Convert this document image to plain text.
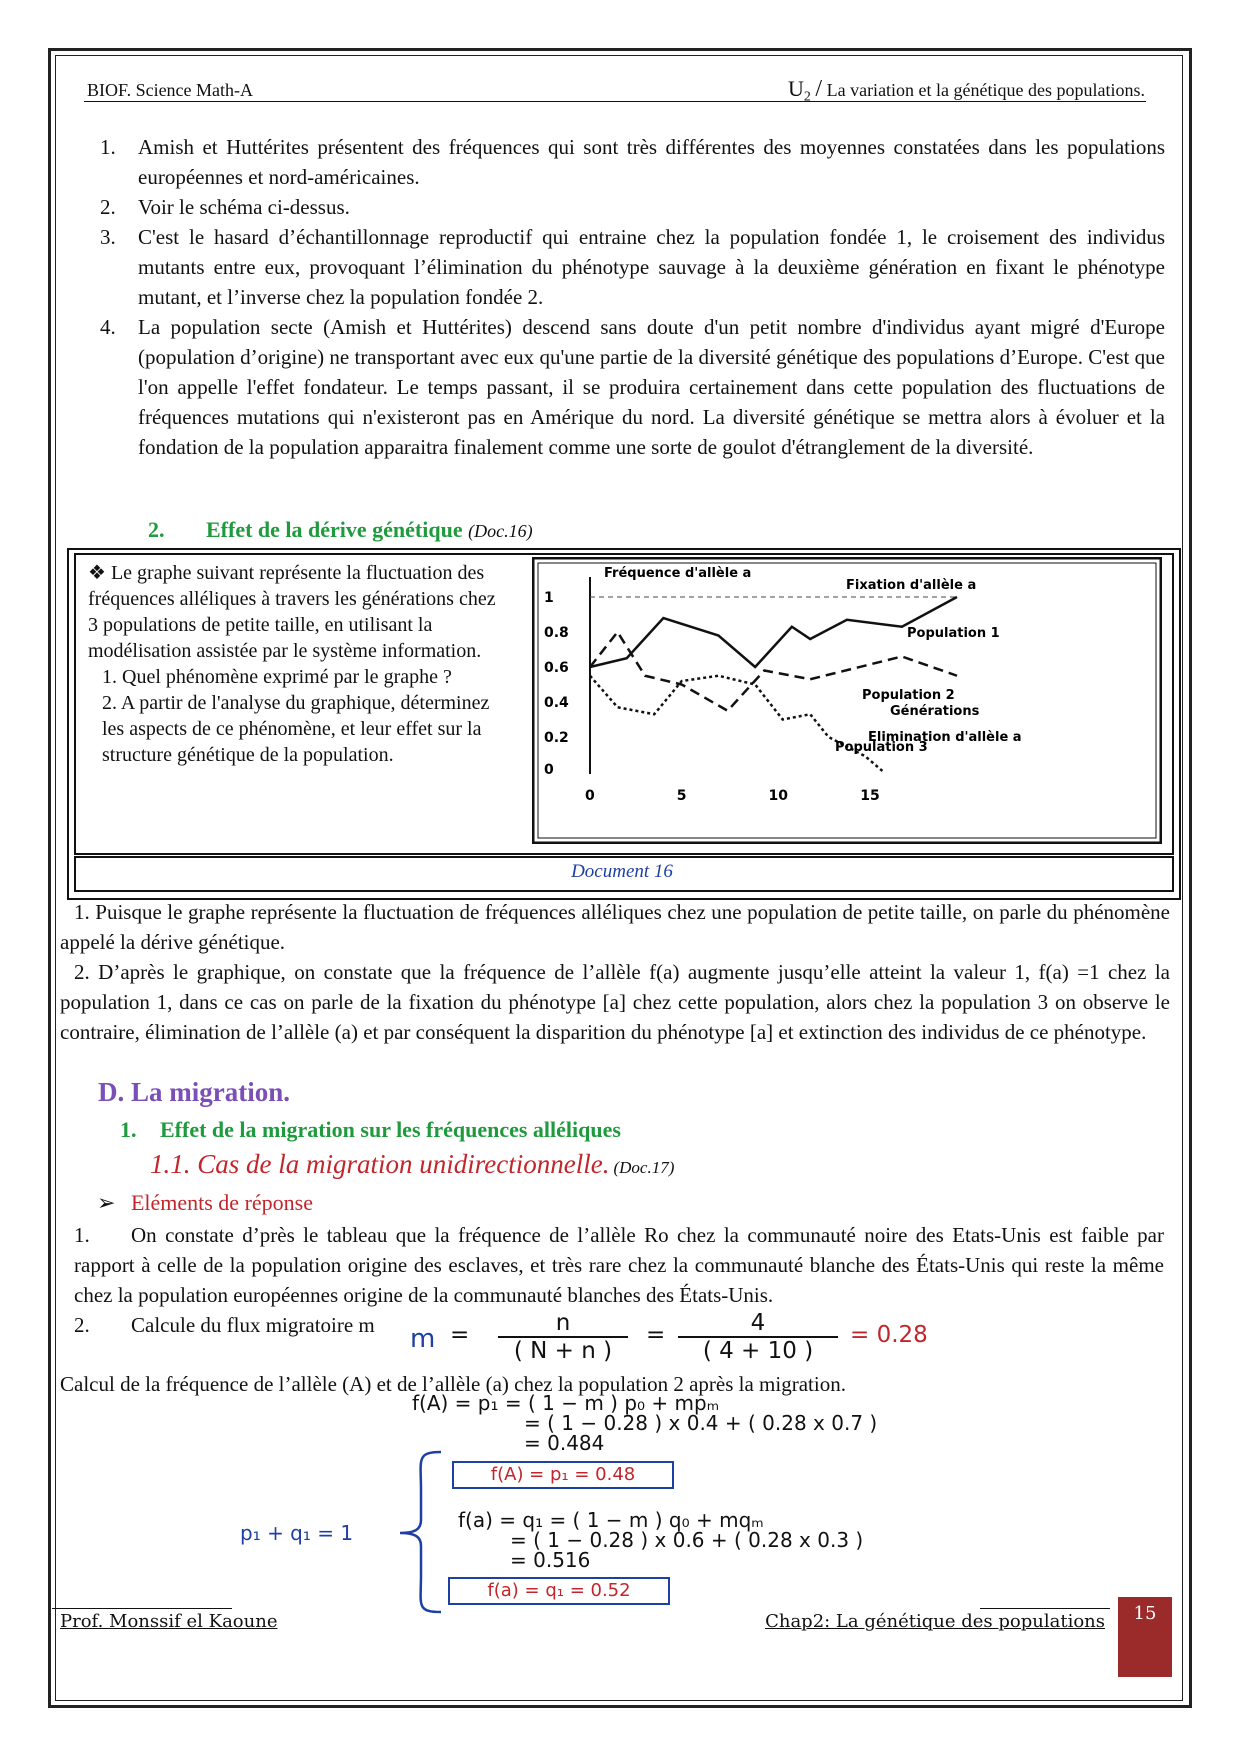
BIOF. Science Math-A	$U_2$ / La variation et la génétique des populations.
1.	Amish et Huttérites présentent des fréquences qui sont très différentes des moyennes constatées dans les populations européennes et nord-américaines.
2.	Voir le schéma ci-dessus.
3.	C'est le hasard d’échantillonnage reproductif qui entraine chez la population fondée 1, le croisement des individus mutants entre eux, provoquant l’élimination du phénotype sauvage à la deuxième génération en fixant le phénotype mutant, et l’inverse chez la population fondée 2.
4.	La population secte (Amish et Huttérites) descend sans doute d'un petit nombre d'individus ayant migré d'Europe (population d’origine) ne transportant avec eux qu'une partie de la diversité génétique des populations d’Europe. C'est que l'on appelle l'effet fondateur. Le temps passant, il se produira certainement dans cette population des fluctuations de fréquences mutations qui n'existeront pas en Amérique du nord. La diversité génétique se mettra alors à évoluer et la fondation de la population apparaitra finalement comme une sorte de goulot d'étranglement de la diversité.
2. Effet de la dérive génétique (Doc.16)
Document 16
❖ Le graphe suivant représente la fluctuation des fréquences alléliques à travers les générations chez 3 populations de petite taille, en utilisant la modélisation assistée par le système information.
1. Quel phénomène exprimé par le graphe ?
2. A partir de l'analyse du graphique, déterminez les aspects de ce phénomène, et leur effet sur la structure génétique de la population.
0
0.2
0.4
0.6
0.8
1
0	5	10	15
Fréquence d'allèle a
Générations
Fixation d'allèle a
Elimination d'allèle a
Population 1
Population 2
Population 3
1. Puisque le graphe représente la fluctuation de fréquences alléliques chez une population de petite taille, on parle du phénomène appelé la dérive génétique.
2. D’après le graphique, on constate que la fréquence de l’allèle f(a) augmente jusqu’elle atteint la valeur 1, f(a) =1 chez la population 1, dans ce cas on parle de la fixation du phénotype [a] chez cette population, alors chez la population 3 on observe le contraire, élimination de l’allèle (a) et par conséquent la disparition du phénotype [a] et extinction des individus de ce phénotype.
D. La migration.
1. Effet de la migration sur les fréquences alléliques
1.1. Cas de la migration unidirectionnelle. (Doc.17)
➢ Eléments de réponse
1. On constate d’près le tableau que la fréquence de l’allèle Ro chez la communauté noire des Etats-Unis est faible par rapport à celle de la population origine des esclaves, et très rare chez la communauté blanche des États-Unis qui reste la même chez la population européennes origine de la communauté blanches des États-Unis.
2. Calcule du flux migratoire m m =	n
( N + n )
=	4
( 4 + 10 )
= 0.28
Calcul de la fréquence de l’allèle (A) et de l’allèle (a) chez la population 2 après la migration.
f(A) = p₁ = ( 1 − m ) p₀ + mpₘ
= ( 1 − 0.28 ) x 0.4 + ( 0.28 x 0.7 )
= 0.484
f(A) = p₁ = 0.48
p₁ + q₁ = 1
f(a) = q₁ = ( 1 − m ) q₀ + mqₘ
= ( 1 − 0.28 ) x 0.6 + ( 0.28 x 0.3 )
= 0.516
f(a) = q₁ = 0.52
Prof. Monssif el Kaoune	Chap2: La génétique des populations	15
